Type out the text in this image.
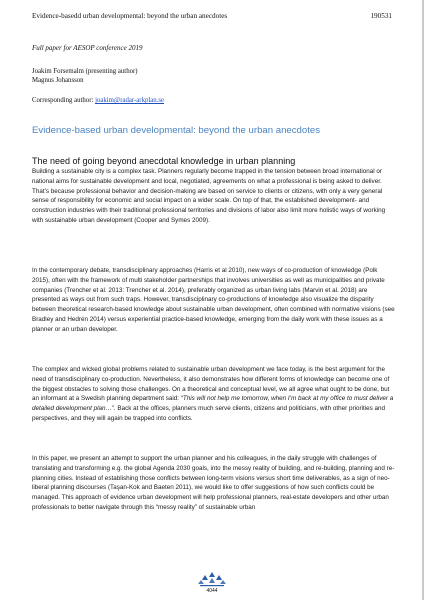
Evidence-basedd urban developmental: beyond the urban anecdotes	190531
Full paper for AESOP conference 2019
Joakim Forsemalm (presenting author)
Magnus Johansson
Corresponding author: joakim@radar-arkplan.se
Evidence-based urban developmental: beyond the urban anecdotes
The need of going beyond anecdotal knowledge in urban planning

Building a sustainable city is a complex task. Planners regularly become trapped in the tension between broad international or national aims for sustainable development and local, negotiated, agreements on what a professional is being asked to deliver. That’s because professional behavior and decision-making are based on service to clients or citizens, with only a very general sense of responsibility for economic and social impact on a wider scale. On top of that, the established development- and construction industries with their traditional professional territories and divisions of labor also limit more holistic ways of working with sustainable urban development (Cooper and Symes 2009).

In the contemporary debate, transdisciplinary approaches (Harris et al 2010), new ways of co-production of knowledge (Polk 2015), often with the framework of multi stakeholder partnerships that involves universities as well as municipalities and private companies (Trencher et al. 2013: Trencher et al. 2014), preferably organized as urban living labs (Marvin et al. 2018) are presented as ways out from such traps. However, transdisciplinary co-productions of knowledge also visualize the disparity between theoretical research-based knowledge about sustainable urban development, often combined with normative visions (see Bradley and Hedrén 2014) versus experiential practice-based knowledge, emerging from the daily work with these issues as a planner or an urban developer.

The complex and wicked global problems related to sustainable urban development we face today, is the best argument for the need of transdisciplinary co-production. Nevertheless, it also demonstrates how different forms of knowledge can become one of the biggest obstacles to solving those challenges. On a theoretical and conceptual level, we all agree what ought to be done, but an informant at a Swedish planning department said: “This will not help me tomorrow, when I’m back at my office to must deliver a detailed development plan…”. Back at the offices, planners much serve clients, citizens and politicians, with other priorities and perspectives, and they will again be trapped into conflicts.

In this paper, we present an attempt to support the urban planner and his colleagues, in the daily struggle with challenges of translating and transforming e.g. the global Agenda 2030 goals, into the messy reality of building, and re-building, planning and re-planning cities. Instead of establishing those conflicts between long-term visions versus short time deliverables, as a sign of neo-liberal planning discourses (Taşan-Kok and Baeten 2011), we would like to offer suggestions of how such conflicts could be managed. This approach of evidence urban development will help professional planners, real-estate developers and other urban professionals to better navigate through this “messy reality” of sustainable urban

4044
